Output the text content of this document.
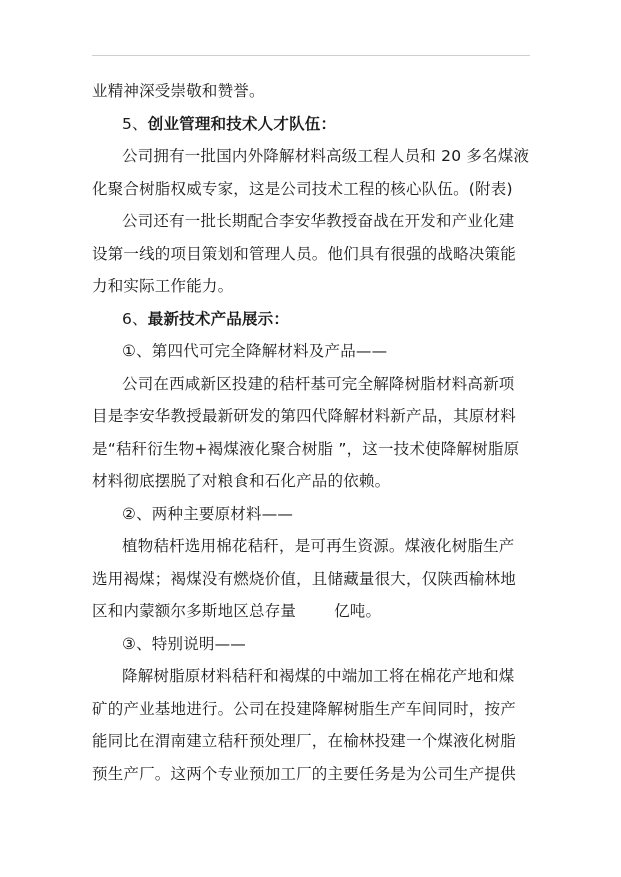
业精神深受崇敬和赞誉。
5、创业管理和技术人才队伍：
公司拥有一批国内外降解材料高级工程人员和 20 多名煤液
化聚合树脂权威专家，这是公司技术工程的核心队伍。(附表)
公司还有一批长期配合李安华教授奋战在开发和产业化建
设第一线的项目策划和管理人员。他们具有很强的战略决策能
力和实际工作能力。
6、最新技术产品展示：
①、第四代可完全降解材料及产品——
公司在西咸新区投建的秸杆基可完全解降树脂材料高新项
目是李安华教授最新研发的第四代降解材料新产品，其原材料
是“秸秆衍生物+褐煤液化聚合树脂 ”，这一技术使降解树脂原
材料彻底摆脱了对粮食和石化产品的依赖。
②、两种主要原材料——
植物秸杆选用棉花秸秆，是可再生资源。煤液化树脂生产
选用褐煤；褐煤没有燃烧价值，且储藏量很大，仅陕西榆林地
区和内蒙额尔多斯地区总存量 亿吨。
③、特别说明——
降解树脂原材料秸秆和褐煤的中端加工将在棉花产地和煤
矿的产业基地进行。公司在投建降解树脂生产车间同时，按产
能同比在渭南建立秸秆预处理厂，在榆林投建一个煤液化树脂
预生产厂。这两个专业预加工厂的主要任务是为公司生产提供
